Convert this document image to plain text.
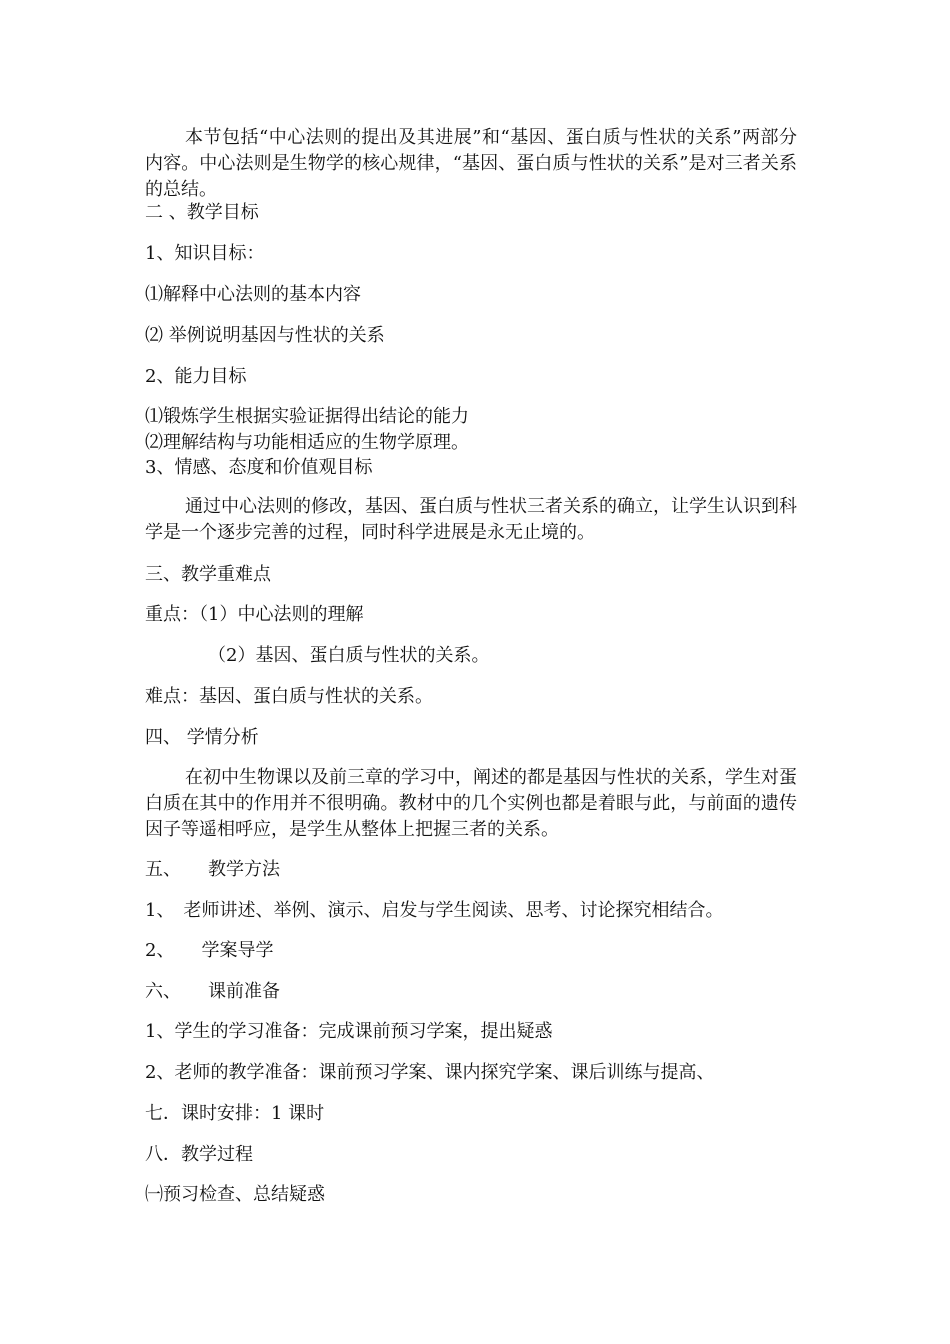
本节包括“中心法则的提出及其进展”和“基因、蛋白质与性状的关系”两部分内容。中心法则是生物学的核心规律，“基因、蛋白质与性状的关系”是对三者关系的总结。
二 、教学目标
1、知识目标：
⑴解释中心法则的基本内容
⑵ 举例说明基因与性状的关系
2、能力目标
⑴锻炼学生根据实验证据得出结论的能力
⑵理解结构与功能相适应的生物学原理。
3、情感、态度和价值观目标
通过中心法则的修改，基因、蛋白质与性状三者关系的确立，让学生认识到科学是一个逐步完善的过程，同时科学进展是永无止境的。
三、教学重难点
重点：（1）中心法则的理解
（2）基因、蛋白质与性状的关系。
难点：基因、蛋白质与性状的关系。
四、 学情分析
在初中生物课以及前三章的学习中，阐述的都是基因与性状的关系，学生对蛋白质在其中的作用并不很明确。教材中的几个实例也都是着眼与此，与前面的遗传因子等遥相呼应，是学生从整体上把握三者的关系。
五、　　教学方法
1、　老师讲述、举例、演示、启发与学生阅读、思考、讨论探究相结合。
2、　　学案导学
六、　　课前准备
1、学生的学习准备：完成课前预习学案，提出疑惑
2、老师的教学准备：课前预习学案、课内探究学案、课后训练与提高、
七．课时安排：1 课时
八．教学过程
㈠预习检查、总结疑惑
